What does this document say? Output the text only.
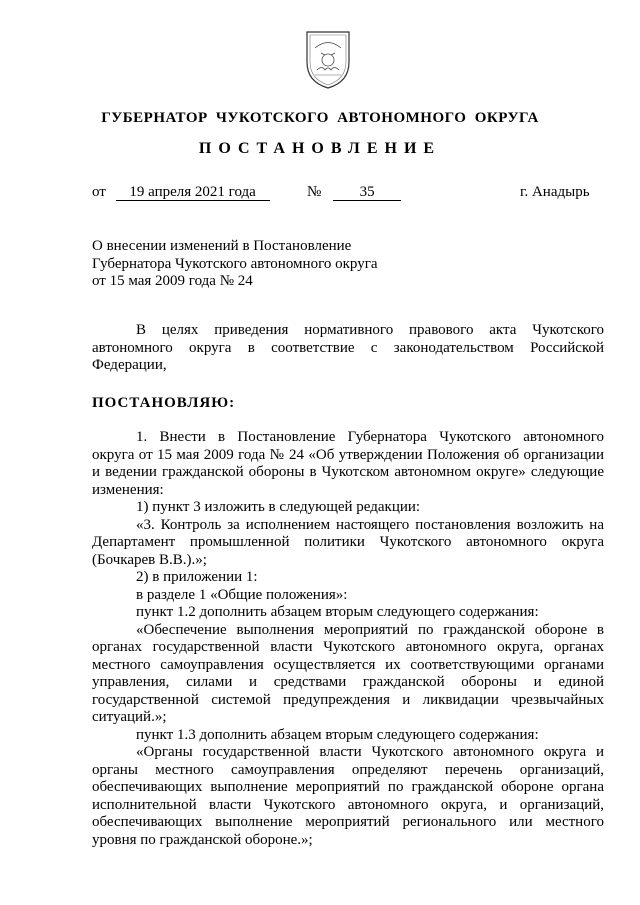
ГУБЕРНАТОР ЧУКОТСКОГО АВТОНОМНОГО ОКРУГА
ПОСТАНОВЛЕНИЕ
от 19 апреля 2021 года	№	35	г. Анадырь
О внесении изменений в Постановление
Губернатора Чукотского автономного округа
от 15 мая 2009 года № 24
В целях приведения нормативного правового акта Чукотского
автономного округа в соответствие с законодательством Российской
Федерации,
ПОСТАНОВЛЯЮ:
1. Внести в Постановление Губернатора Чукотского автономного
округа от 15 мая 2009 года № 24 «Об утверждении Положения об организации
и ведении гражданской обороны в Чукотском автономном округе» следующие
изменения:
1) пункт 3 изложить в следующей редакции:
«3. Контроль за исполнением настоящего постановления возложить на
Департамент промышленной политики Чукотского автономного округа
(Бочкарев В.В.).»;
2) в приложении 1:
в разделе 1 «Общие положения»:
пункт 1.2 дополнить абзацем вторым следующего содержания:
«Обеспечение выполнения мероприятий по гражданской обороне в
органах государственной власти Чукотского автономного округа, органах
местного самоуправления осуществляется их соответствующими органами
управления, силами и средствами гражданской обороны и единой
государственной системой предупреждения и ликвидации чрезвычайных
ситуаций.»;
пункт 1.3 дополнить абзацем вторым следующего содержания:
«Органы государственной власти Чукотского автономного округа и
органы местного самоуправления определяют перечень организаций,
обеспечивающих выполнение мероприятий по гражданской обороне органа
исполнительной власти Чукотского автономного округа, и организаций,
обеспечивающих выполнение мероприятий регионального или местного
уровня по гражданской обороне.»;
